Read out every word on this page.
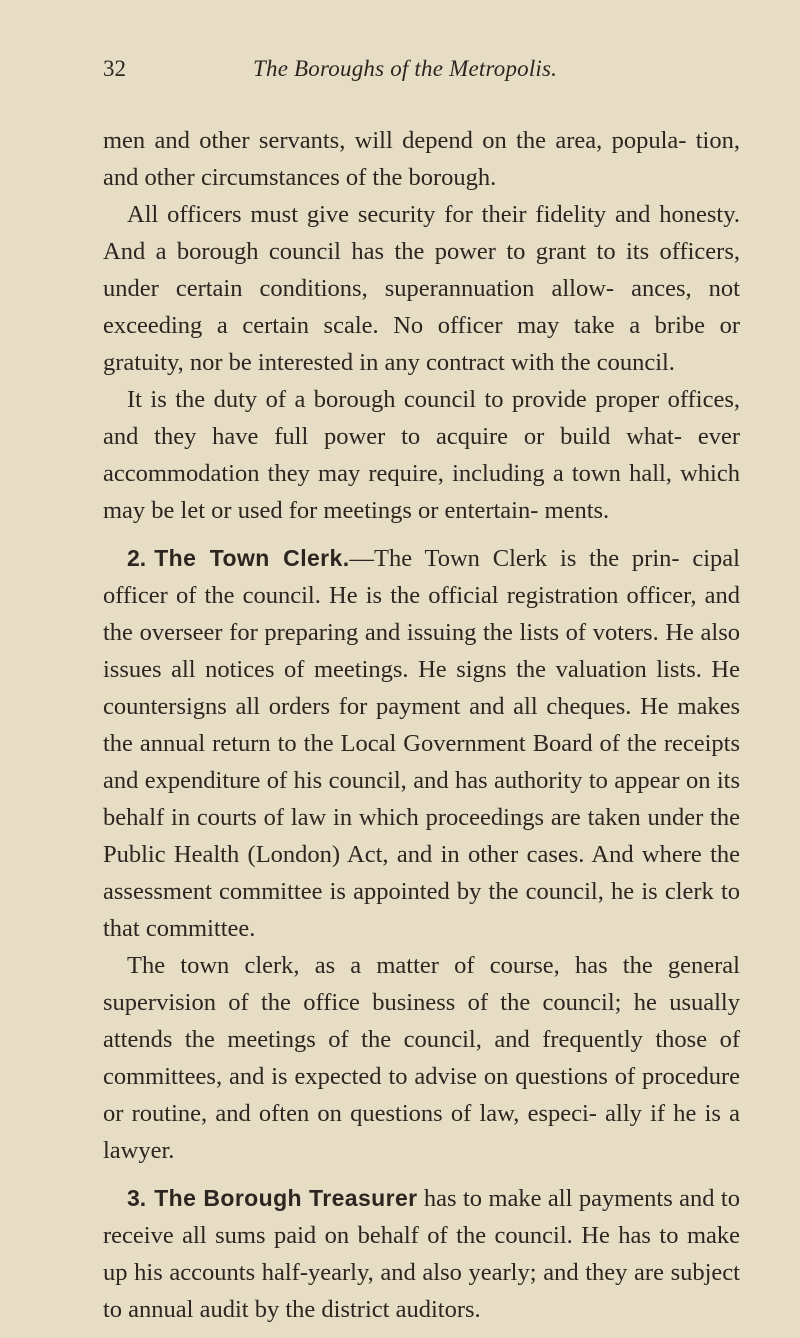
32	The Boroughs of the Metropolis.

men and other servants, will depend on the area, popula- tion, and other circumstances of the borough.

All officers must give security for their fidelity and honesty. And a borough council has the power to grant to its officers, under certain conditions, superannuation allow- ances, not exceeding a certain scale. No officer may take a bribe or gratuity, nor be interested in any contract with the council.

It is the duty of a borough council to provide proper offices, and they have full power to acquire or build what- ever accommodation they may require, including a town hall, which may be let or used for meetings or entertain- ments.

2. The Town Clerk.—The Town Clerk is the prin- cipal officer of the council. He is the official registration officer, and the overseer for preparing and issuing the lists of voters. He also issues all notices of meetings. He signs the valuation lists. He countersigns all orders for payment and all cheques. He makes the annual return to the Local Government Board of the receipts and expenditure of his council, and has authority to appear on its behalf in courts of law in which proceedings are taken under the Public Health (London) Act, and in other cases. And where the assessment committee is appointed by the council, he is clerk to that committee.

The town clerk, as a matter of course, has the general supervision of the office business of the council; he usually attends the meetings of the council, and frequently those of committees, and is expected to advise on questions of procedure or routine, and often on questions of law, especi- ally if he is a lawyer.

3. The Borough Treasurer has to make all payments and to receive all sums paid on behalf of the council. He has to make up his accounts half-yearly, and also yearly; and they are subject to annual audit by the district auditors.
